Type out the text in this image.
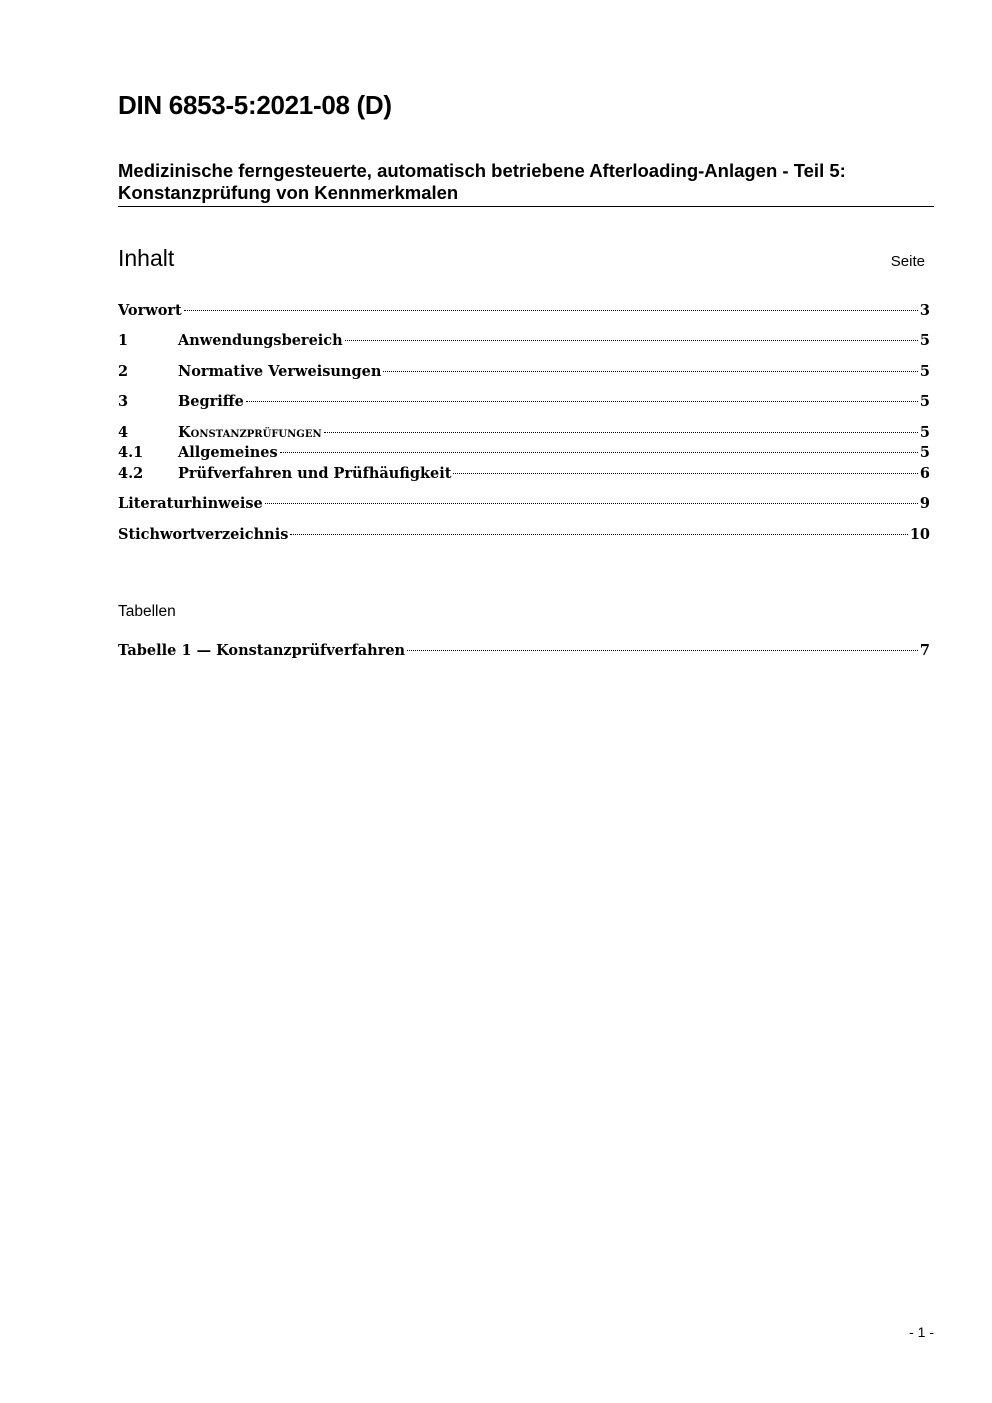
DIN 6853-5:2021-08 (D)
Medizinische ferngesteuerte, automatisch betriebene Afterloading-Anlagen - Teil 5:
Konstanzprüfung von Kennmerkmalen
Inhalt	Seite
Vorwort	3
1	Anwendungsbereich	5
2	Normative Verweisungen	5
3	Begriffe	5
4	Konstanzprüfungen	5
4.1	Allgemeines	5
4.2	Prüfverfahren und Prüfhäufigkeit	6
Literaturhinweise	9
Stichwortverzeichnis	10
Tabellen
Tabelle 1 — Konstanzprüfverfahren	7
- 1 -
